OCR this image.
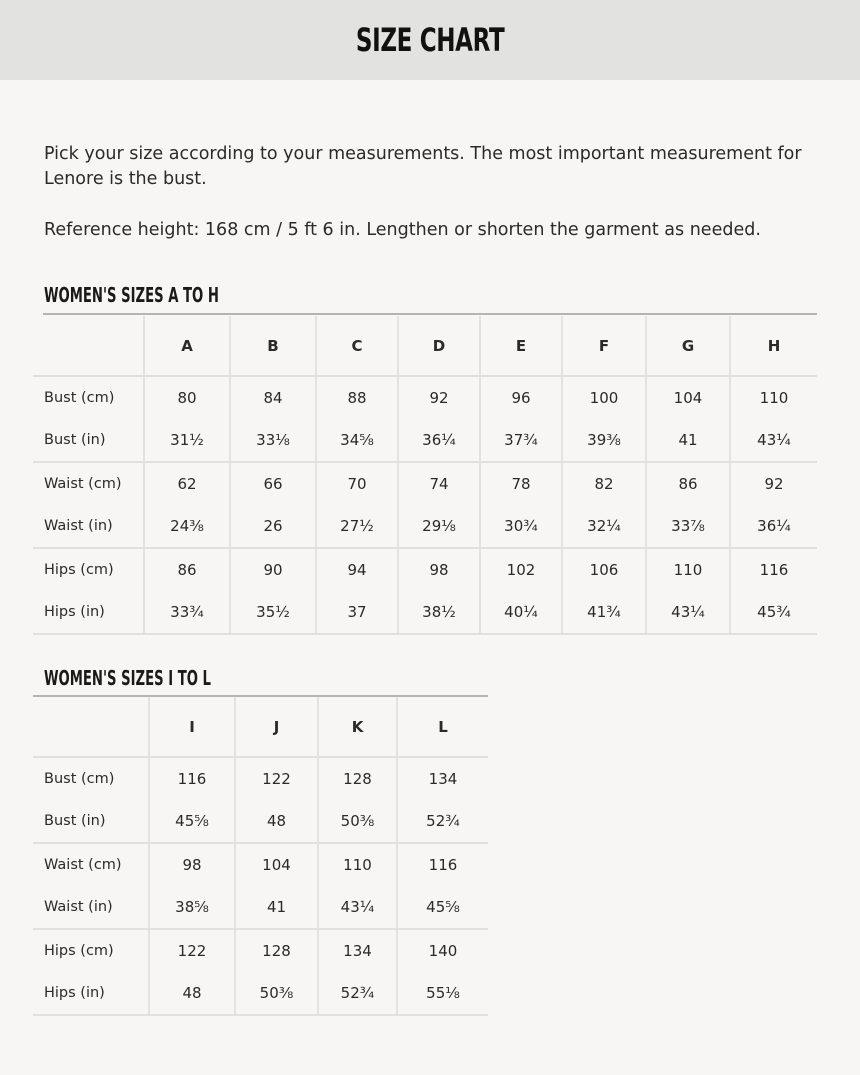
SIZE CHART

Pick your size according to your measurements. The most important measurement for Lenore is the bust.

Reference height: 168 cm / 5 ft 6 in. Lengthen or shorten the garment as needed.

WOMEN'S SIZES A TO H
	A	B	C	D	E	F	G	H
Bust (cm)	80	84	88	92	96	100	104	110
Bust (in)	31½	33⅛	34⅝	36¼	37¾	39⅜	41	43¼
Waist (cm)	62	66	70	74	78	82	86	92
Waist (in)	24⅜	26	27½	29⅛	30¾	32¼	33⅞	36¼
Hips (cm)	86	90	94	98	102	106	110	116
Hips (in)	33¾	35½	37	38½	40¼	41¾	43¼	45¾
WOMEN'S SIZES I TO L
	I	J	K	L
Bust (cm)	116	122	128	134
Bust (in)	45⅝	48	50⅜	52¾
Waist (cm)	98	104	110	116
Waist (in)	38⅝	41	43¼	45⅝
Hips (cm)	122	128	134	140
Hips (in)	48	50⅜	52¾	55⅛
